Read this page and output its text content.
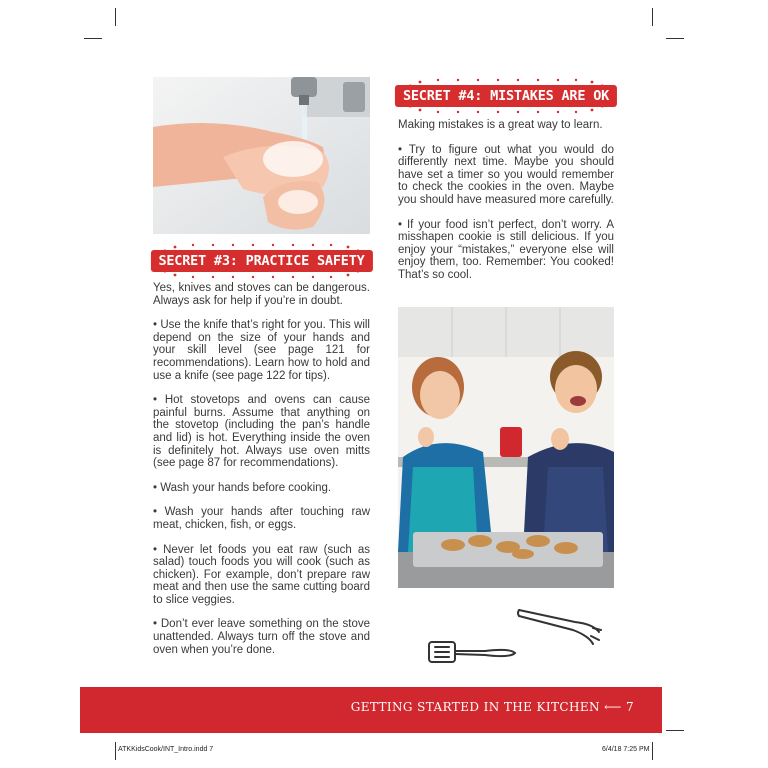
SECRET #3: PRACTICE SAFETY

Yes, knives and stoves can be dangerous. Always ask for help if you’re in doubt.

• Use the knife that’s right for you. This will depend on the size of your hands and your skill level (see page 121 for recommendations). Learn how to hold and use a knife (see page 122 for tips).

• Hot stovetops and ovens can cause painful burns. Assume that anything on the stovetop (including the pan’s handle and lid) is hot. Everything inside the oven is definitely hot. Always use oven mitts (see page 87 for recommendations).

• Wash your hands before cooking.

• Wash your hands after touching raw meat, chicken, fish, or eggs.

• Never let foods you eat raw (such as salad) touch foods you will cook (such as chicken). For example, don’t prepare raw meat and then use the same cutting board to slice veggies.

• Don’t ever leave something on the stove unattended. Always turn off the stove and oven when you’re done.

SECRET #4: MISTAKES ARE OK

Making mistakes is a great way to learn.

• Try to figure out what you would do differently next time. Maybe you should have set a timer so you would remember to check the cookies in the oven. Maybe you should have measured more carefully.

• If your food isn’t perfect, don’t worry. A misshapen cookie is still delicious. If you enjoy your “mistakes,” everyone else will enjoy them, too. Remember: You cooked! That’s so cool.

GETTING STARTED IN THE KITCHEN ⟵ 7
ATKKidsCook/INT_Intro.indd 7	6/4/18 7:25 PM
